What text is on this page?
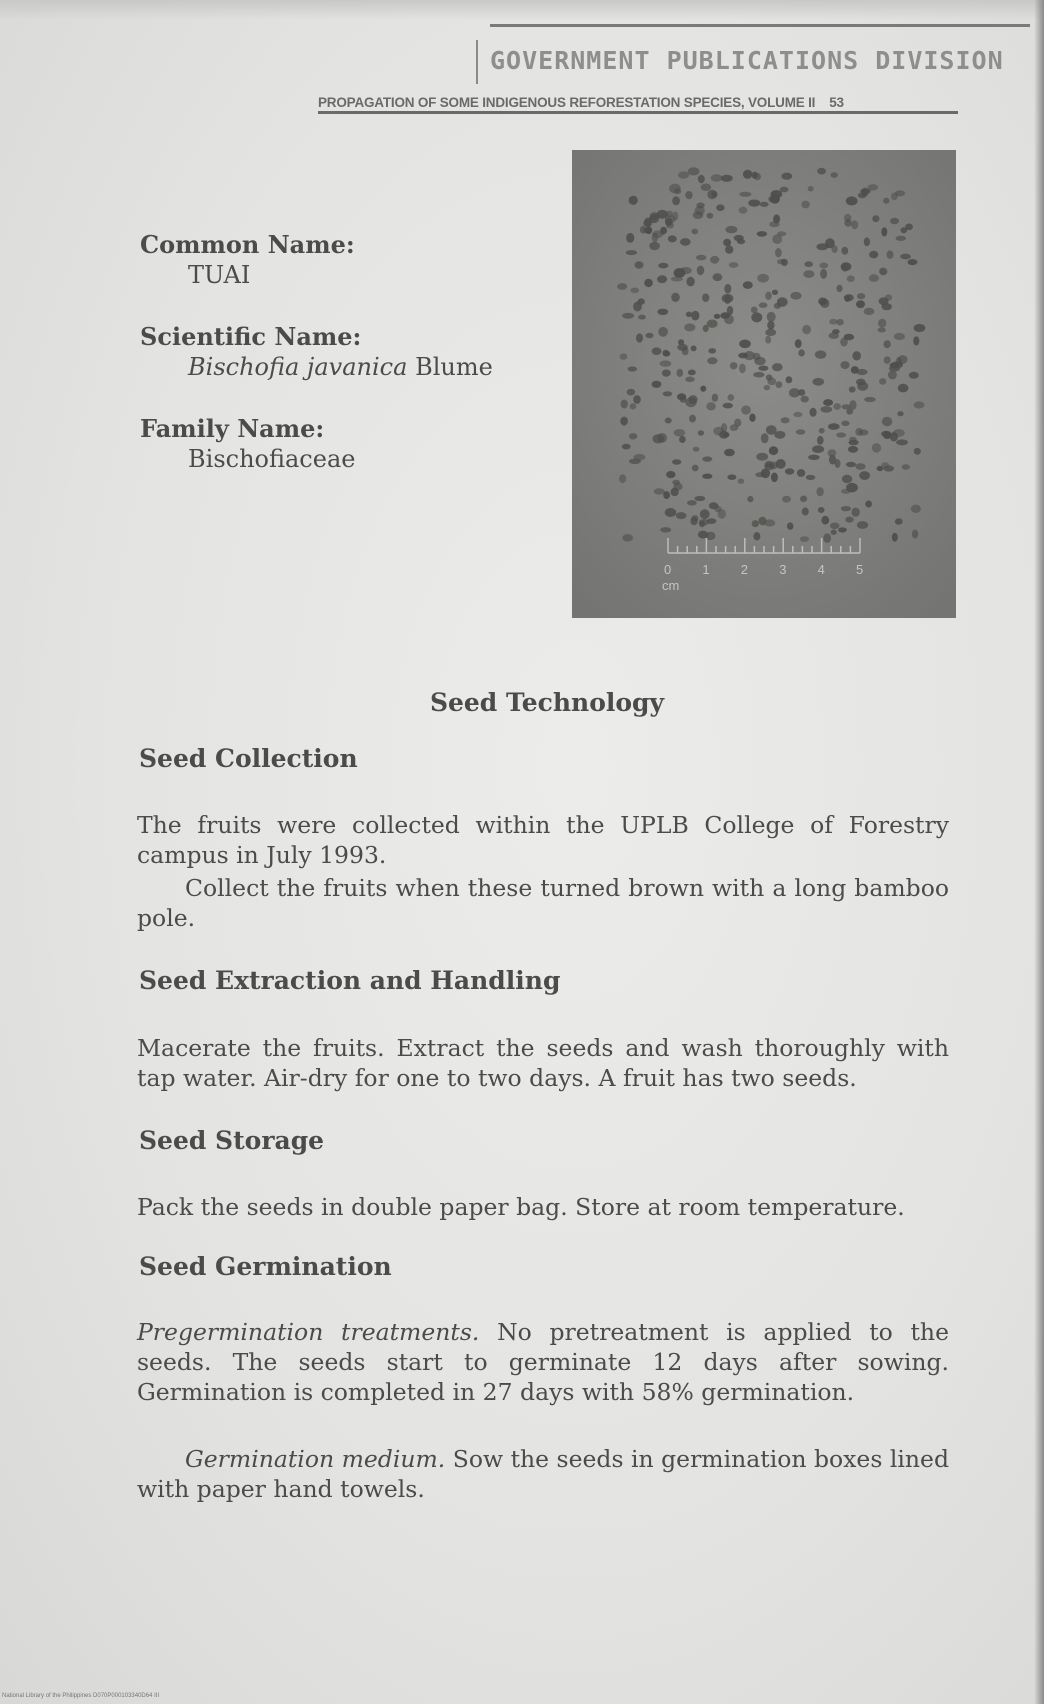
GOVERNMENT PUBLICATIONS DIVISION
PROPAGATION OF SOME INDIGENOUS REFORESTATION SPECIES, VOLUME II 53

Common Name:

TUAI

Scientific Name:

Bischofia javanica Blume

Family Name:

Bischofiaceae

0 1 2 3 4 5
cm
Seed Technology
Seed Collection

The fruits were collected within the UPLB College of Forestry campus in July 1993.

Collect the fruits when these turned brown with a long bamboo pole.

Seed Extraction and Handling

Macerate the fruits. Extract the seeds and wash thoroughly with tap water. Air-dry for one to two days. A fruit has two seeds.

Seed Storage

Pack the seeds in double paper bag. Store at room temperature.

Seed Germination

Pregermination treatments. No pretreatment is applied to the seeds. The seeds start to germinate 12 days after sowing. Germination is completed in 27 days with 58% germination.

Germination medium. Sow the seeds in germination boxes lined with paper hand towels.

National Library of the Philippines D070P000103340D64 III
